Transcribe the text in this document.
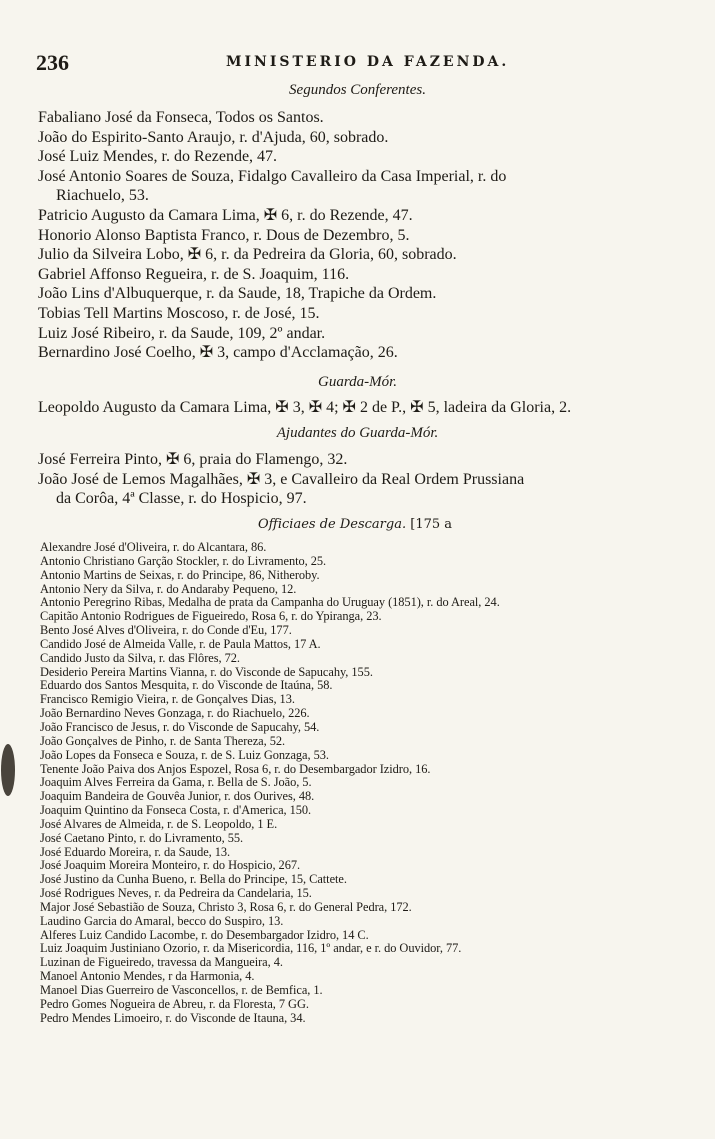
236	MINISTERIO DA FAZENDA.
Segundos Conferentes.
Fabaliano José da Fonseca, Todos os Santos.
João do Espirito-Santo Araujo, r. d'Ajuda, 60, sobrado.
José Luiz Mendes, r. do Rezende, 47.
José Antonio Soares de Souza, Fidalgo Cavalleiro da Casa Imperial, r. do
Riachuelo, 53.
Patricio Augusto da Camara Lima, ✠ 6, r. do Rezende, 47.
Honorio Alonso Baptista Franco, r. Dous de Dezembro, 5.
Julio da Silveira Lobo, ✠ 6, r. da Pedreira da Gloria, 60, sobrado.
Gabriel Affonso Regueira, r. de S. Joaquim, 116.
João Lins d'Albuquerque, r. da Saude, 18, Trapiche da Ordem.
Tobias Tell Martins Moscoso, r. de José, 15.
Luiz José Ribeiro, r. da Saude, 109, 2º andar.
Bernardino José Coelho, ✠ 3, campo d'Acclamação, 26.
Guarda-Mór.
Leopoldo Augusto da Camara Lima, ✠ 3, ✠ 4; ✠ 2 de P., ✠ 5, ladeira da Gloria, 2.
Ajudantes do Guarda-Mór.
José Ferreira Pinto, ✠ 6, praia do Flamengo, 32.
João José de Lemos Magalhães, ✠ 3, e Cavalleiro da Real Ordem Prussiana
da Corôa, 4ª Classe, r. do Hospicio, 97.
Officiaes de Descarga. [175 a
Alexandre José d'Oliveira, r. do Alcantara, 86.
Antonio Christiano Garção Stockler, r. do Livramento, 25.
Antonio Martins de Seixas, r. do Principe, 86, Nitheroby.
Antonio Nery da Silva, r. do Andaraby Pequeno, 12.
Antonio Peregrino Ribas, Medalha de prata da Campanha do Uruguay (1851), r. do Areal, 24.
Capitão Antonio Rodrigues de Figueiredo, Rosa 6, r. do Ypiranga, 23.
Bento José Alves d'Oliveira, r. do Conde d'Eu, 177.
Candido José de Almeida Valle, r. de Paula Mattos, 17 A.
Candido Justo da Silva, r. das Flôres, 72.
Desiderio Pereira Martins Vianna, r. do Visconde de Sapucahy, 155.
Eduardo dos Santos Mesquita, r. do Visconde de Itaúna, 58.
Francisco Remigio Vieira, r. de Gonçalves Dias, 13.
João Bernardino Neves Gonzaga, r. do Riachuelo, 226.
João Francisco de Jesus, r. do Visconde de Sapucahy, 54.
João Gonçalves de Pinho, r. de Santa Thereza, 52.
João Lopes da Fonseca e Souza, r. de S. Luiz Gonzaga, 53.
Tenente João Paiva dos Anjos Espozel, Rosa 6, r. do Desembargador Izidro, 16.
Joaquim Alves Ferreira da Gama, r. Bella de S. João, 5.
Joaquim Bandeira de Gouvêa Junior, r. dos Ourives, 48.
Joaquim Quintino da Fonseca Costa, r. d'America, 150.
José Alvares de Almeida, r. de S. Leopoldo, 1 E.
José Caetano Pinto, r. do Livramento, 55.
José Eduardo Moreira, r. da Saude, 13.
José Joaquim Moreira Monteiro, r. do Hospicio, 267.
José Justino da Cunha Bueno, r. Bella do Principe, 15, Cattete.
José Rodrigues Neves, r. da Pedreira da Candelaria, 15.
Major José Sebastião de Souza, Christo 3, Rosa 6, r. do General Pedra, 172.
Laudino Garcia do Amaral, becco do Suspiro, 13.
Alferes Luiz Candido Lacombe, r. do Desembargador Izidro, 14 C.
Luiz Joaquim Justiniano Ozorio, r. da Misericordia, 116, 1º andar, e r. do Ouvidor, 77.
Luzinan de Figueiredo, travessa da Mangueira, 4.
Manoel Antonio Mendes, r da Harmonia, 4.
Manoel Dias Guerreiro de Vasconcellos, r. de Bemfica, 1.
Pedro Gomes Nogueira de Abreu, r. da Floresta, 7 GG.
Pedro Mendes Limoeiro, r. do Visconde de Itauna, 34.
